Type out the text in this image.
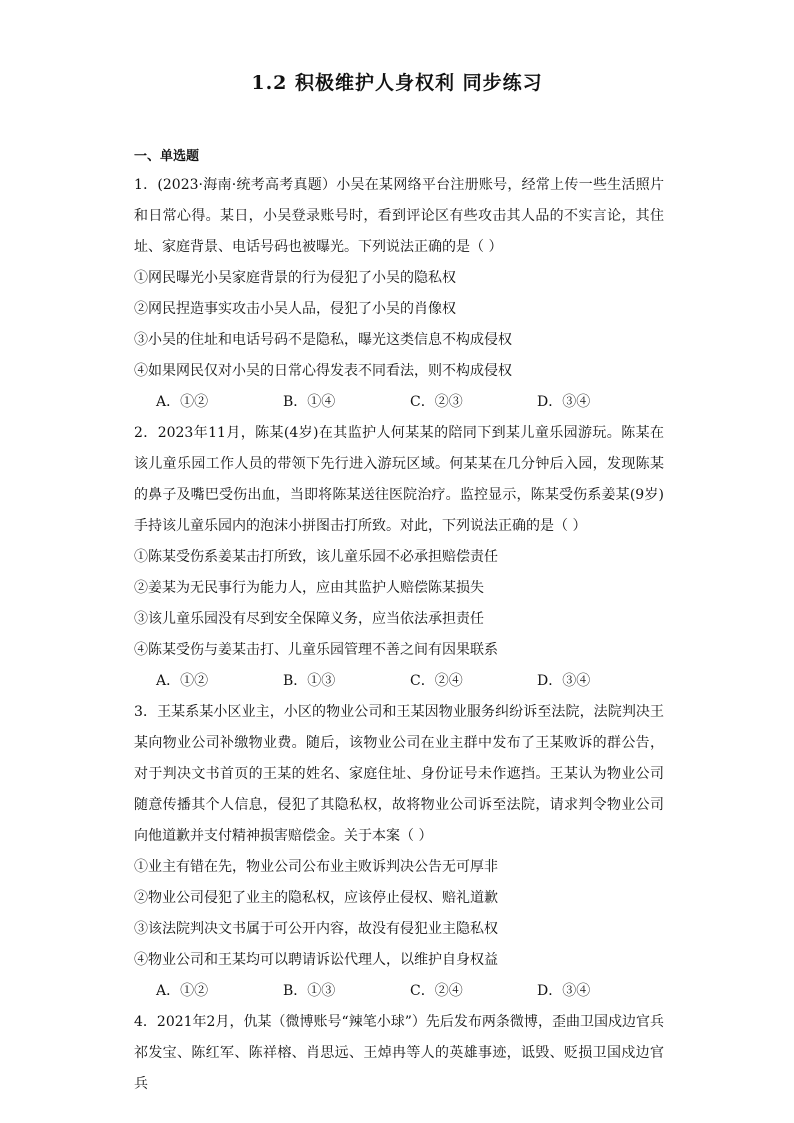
1.2 积极维护人身权利 同步练习
一、单选题

1．(2023·海南·统考高考真题）小吴在某网络平台注册账号，经常上传一些生活照片和日常心得。某日，小吴登录账号时，看到评论区有些攻击其人品的不实言论，其住址、家庭背景、电话号码也被曝光。下列说法正确的是（ ）

①网民曝光小吴家庭背景的行为侵犯了小吴的隐私权

②网民捏造事实攻击小吴人品，侵犯了小吴的肖像权

③小吴的住址和电话号码不是隐私，曝光这类信息不构成侵权

④如果网民仅对小吴的日常心得发表不同看法，则不构成侵权

A．①②	B．①④	C．②③	D．③④

2．2023年11月，陈某(4岁)在其监护人何某某的陪同下到某儿童乐园游玩。陈某在该儿童乐园工作人员的带领下先行进入游玩区域。何某某在几分钟后入园，发现陈某的鼻子及嘴巴受伤出血，当即将陈某送往医院治疗。监控显示，陈某受伤系姜某(9岁)手持该儿童乐园内的泡沫小拼图击打所致。对此，下列说法正确的是（ ）

①陈某受伤系姜某击打所致，该儿童乐园不必承担赔偿责任

②姜某为无民事行为能力人，应由其监护人赔偿陈某损失

③该儿童乐园没有尽到安全保障义务，应当依法承担责任

④陈某受伤与姜某击打、儿童乐园管理不善之间有因果联系

A．①②	B．①③	C．②④	D．③④

3．王某系某小区业主，小区的物业公司和王某因物业服务纠纷诉至法院，法院判决王某向物业公司补缴物业费。随后，该物业公司在业主群中发布了王某败诉的群公告，对于判决文书首页的王某的姓名、家庭住址、身份证号未作遮挡。王某认为物业公司随意传播其个人信息，侵犯了其隐私权，故将物业公司诉至法院，请求判令物业公司向他道歉并支付精神损害赔偿金。关于本案（ ）

①业主有错在先，物业公司公布业主败诉判决公告无可厚非

②物业公司侵犯了业主的隐私权，应该停止侵权、赔礼道歉

③该法院判决文书属于可公开内容，故没有侵犯业主隐私权

④物业公司和王某均可以聘请诉讼代理人，以维护自身权益

A．①②	B．①③	C．②④	D．③④

4．2021年2月，仇某（微博账号“辣笔小球”）先后发布两条微博，歪曲卫国戍边官兵祁发宝、陈红军、陈祥榕、肖思远、王焯冉等人的英雄事迹，诋毁、贬损卫国戍边官兵
